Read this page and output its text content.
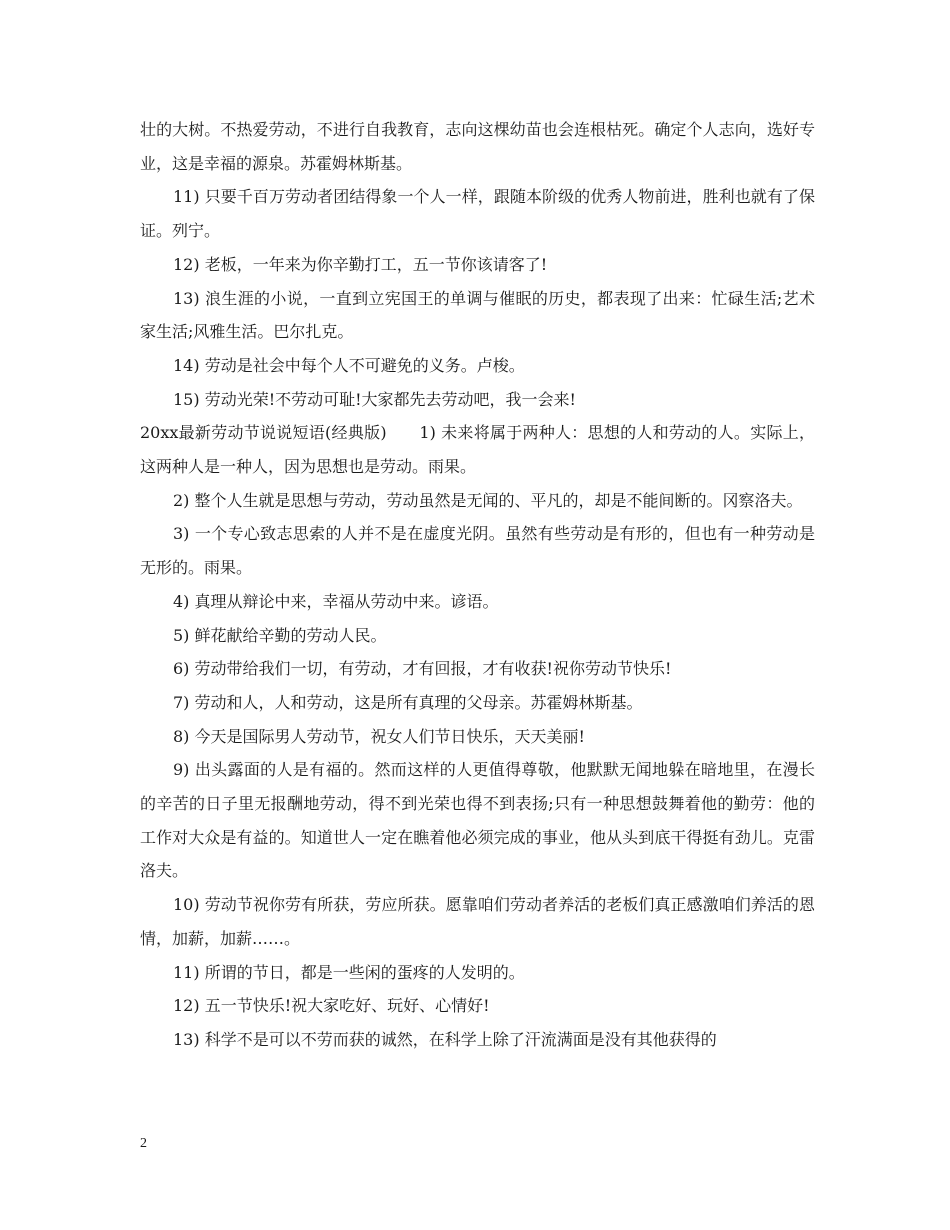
壮的大树。不热爱劳动，不进行自我教育，志向这棵幼苗也会连根枯死。确定个人志向，选好专业，这是幸福的源泉。苏霍姆林斯基。

11) 只要千百万劳动者团结得象一个人一样，跟随本阶级的优秀人物前进，胜利也就有了保证。列宁。

12) 老板，一年来为你辛勤打工，五一节你该请客了!

13) 浪生涯的小说，一直到立宪国王的单调与催眠的历史，都表现了出来：忙碌生活;艺术家生活;风雅生活。巴尔扎克。

14) 劳动是社会中每个人不可避免的义务。卢梭。

15) 劳动光荣!不劳动可耻!大家都先去劳动吧，我一会来!

20xx最新劳动节说说短语(经典版)　　1) 未来将属于两种人：思想的人和劳动的人。实际上，这两种人是一种人，因为思想也是劳动。雨果。

2) 整个人生就是思想与劳动，劳动虽然是无闻的、平凡的，却是不能间断的。冈察洛夫。

3) 一个专心致志思索的人并不是在虚度光阴。虽然有些劳动是有形的，但也有一种劳动是无形的。雨果。

4) 真理从辩论中来，幸福从劳动中来。谚语。

5) 鲜花献给辛勤的劳动人民。

6) 劳动带给我们一切，有劳动，才有回报，才有收获!祝你劳动节快乐!

7) 劳动和人，人和劳动，这是所有真理的父母亲。苏霍姆林斯基。

8) 今天是国际男人劳动节，祝女人们节日快乐，天天美丽!

9) 出头露面的人是有福的。然而这样的人更值得尊敬，他默默无闻地躲在暗地里，在漫长的辛苦的日子里无报酬地劳动，得不到光荣也得不到表扬;只有一种思想鼓舞着他的勤劳：他的工作对大众是有益的。知道世人一定在瞧着他必须完成的事业，他从头到底干得挺有劲儿。克雷洛夫。

10) 劳动节祝你劳有所获，劳应所获。愿靠咱们劳动者养活的老板们真正感激咱们养活的恩情，加薪，加薪……。

11) 所谓的节日，都是一些闲的蛋疼的人发明的。

12) 五一节快乐!祝大家吃好、玩好、心情好!

13) 科学不是可以不劳而获的诚然，在科学上除了汗流满面是没有其他获得的

2
